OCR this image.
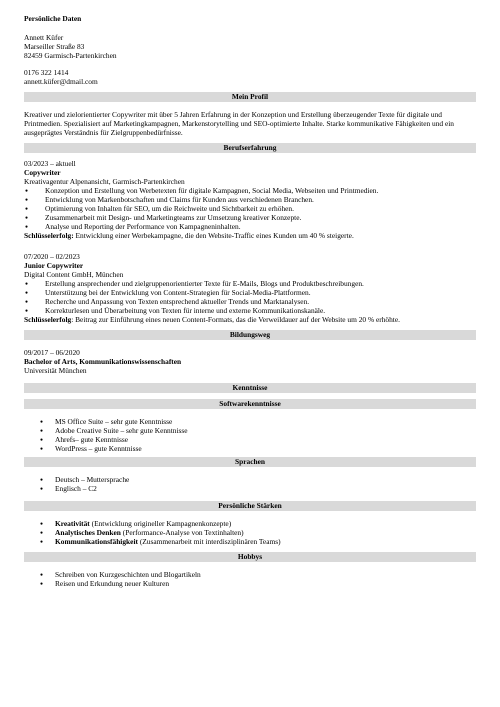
Persönliche Daten

Annett Küfer

Marseiller Straße 83

82459 Garmisch-Partenkirchen

0176 322 1414

annett.küfer@dmail.com

Mein Profil

Kreativer und zielorientierter Copywriter mit über 5 Jahren Erfahrung in der Konzeption und Erstellung überzeugender Texte für digitale und Printmedien. Spezialisiert auf Marketingkampagnen, Markenstorytelling und SEO-optimierte Inhalte. Starke kommunikative Fähigkeiten und ein ausgeprägtes Verständnis für Zielgruppenbedürfnisse.

Berufserfahrung

03/2023 – aktuell

Copywriter

Kreativagentur Alpenansicht, Garmisch-Partenkirchen

● Konzeption und Erstellung von Werbetexten für digitale Kampagnen, Social Media, Webseiten und Printmedien.
● Entwicklung von Markenbotschaften und Claims für Kunden aus verschiedenen Branchen.
● Optimierung von Inhalten für SEO, um die Reichweite und Sichtbarkeit zu erhöhen.
● Zusammenarbeit mit Design- und Marketingteams zur Umsetzung kreativer Konzepte.
● Analyse und Reporting der Performance von Kampagneninhalten.

Schlüsselerfolg: Entwicklung einer Werbekampagne, die den Website-Traffic eines Kunden um 40 % steigerte.

07/2020 – 02/2023

Junior Copywriter

Digital Content GmbH, München

● Erstellung ansprechender und zielgruppenorientierter Texte für E-Mails, Blogs und Produktbeschreibungen.
● Unterstützung bei der Entwicklung von Content-Strategien für Social-Media-Plattformen.
● Recherche und Anpassung von Texten entsprechend aktueller Trends und Marktanalysen.
● Korrekturlesen und Überarbeitung von Texten für interne und externe Kommunikationskanäle.

Schlüsselerfolg: Beitrag zur Einführung eines neuen Content-Formats, das die Verweildauer auf der Website um 20 % erhöhte.

Bildungsweg

09/2017 – 06/2020

Bachelor of Arts, Kommunikationswissenschaften

Universität München

Kenntnisse
Softwarekenntnisse
● MS Office Suite – sehr gute Kenntnisse
● Adobe Creative Suite – sehr gute Kenntnisse
● Ahrefs– gute Kenntnisse
● WordPress – gute Kenntnisse
Sprachen
● Deutsch – Muttersprache
● Englisch – C2
Persönliche Stärken
● Kreativität (Entwicklung origineller Kampagnenkonzepte)
● Analytisches Denken (Performance-Analyse von Textinhalten)
● Kommunikationsfähigkeit (Zusammenarbeit mit interdisziplinären Teams)
Hobbys
● Schreiben von Kurzgeschichten und Blogartikeln
● Reisen und Erkundung neuer Kulturen
